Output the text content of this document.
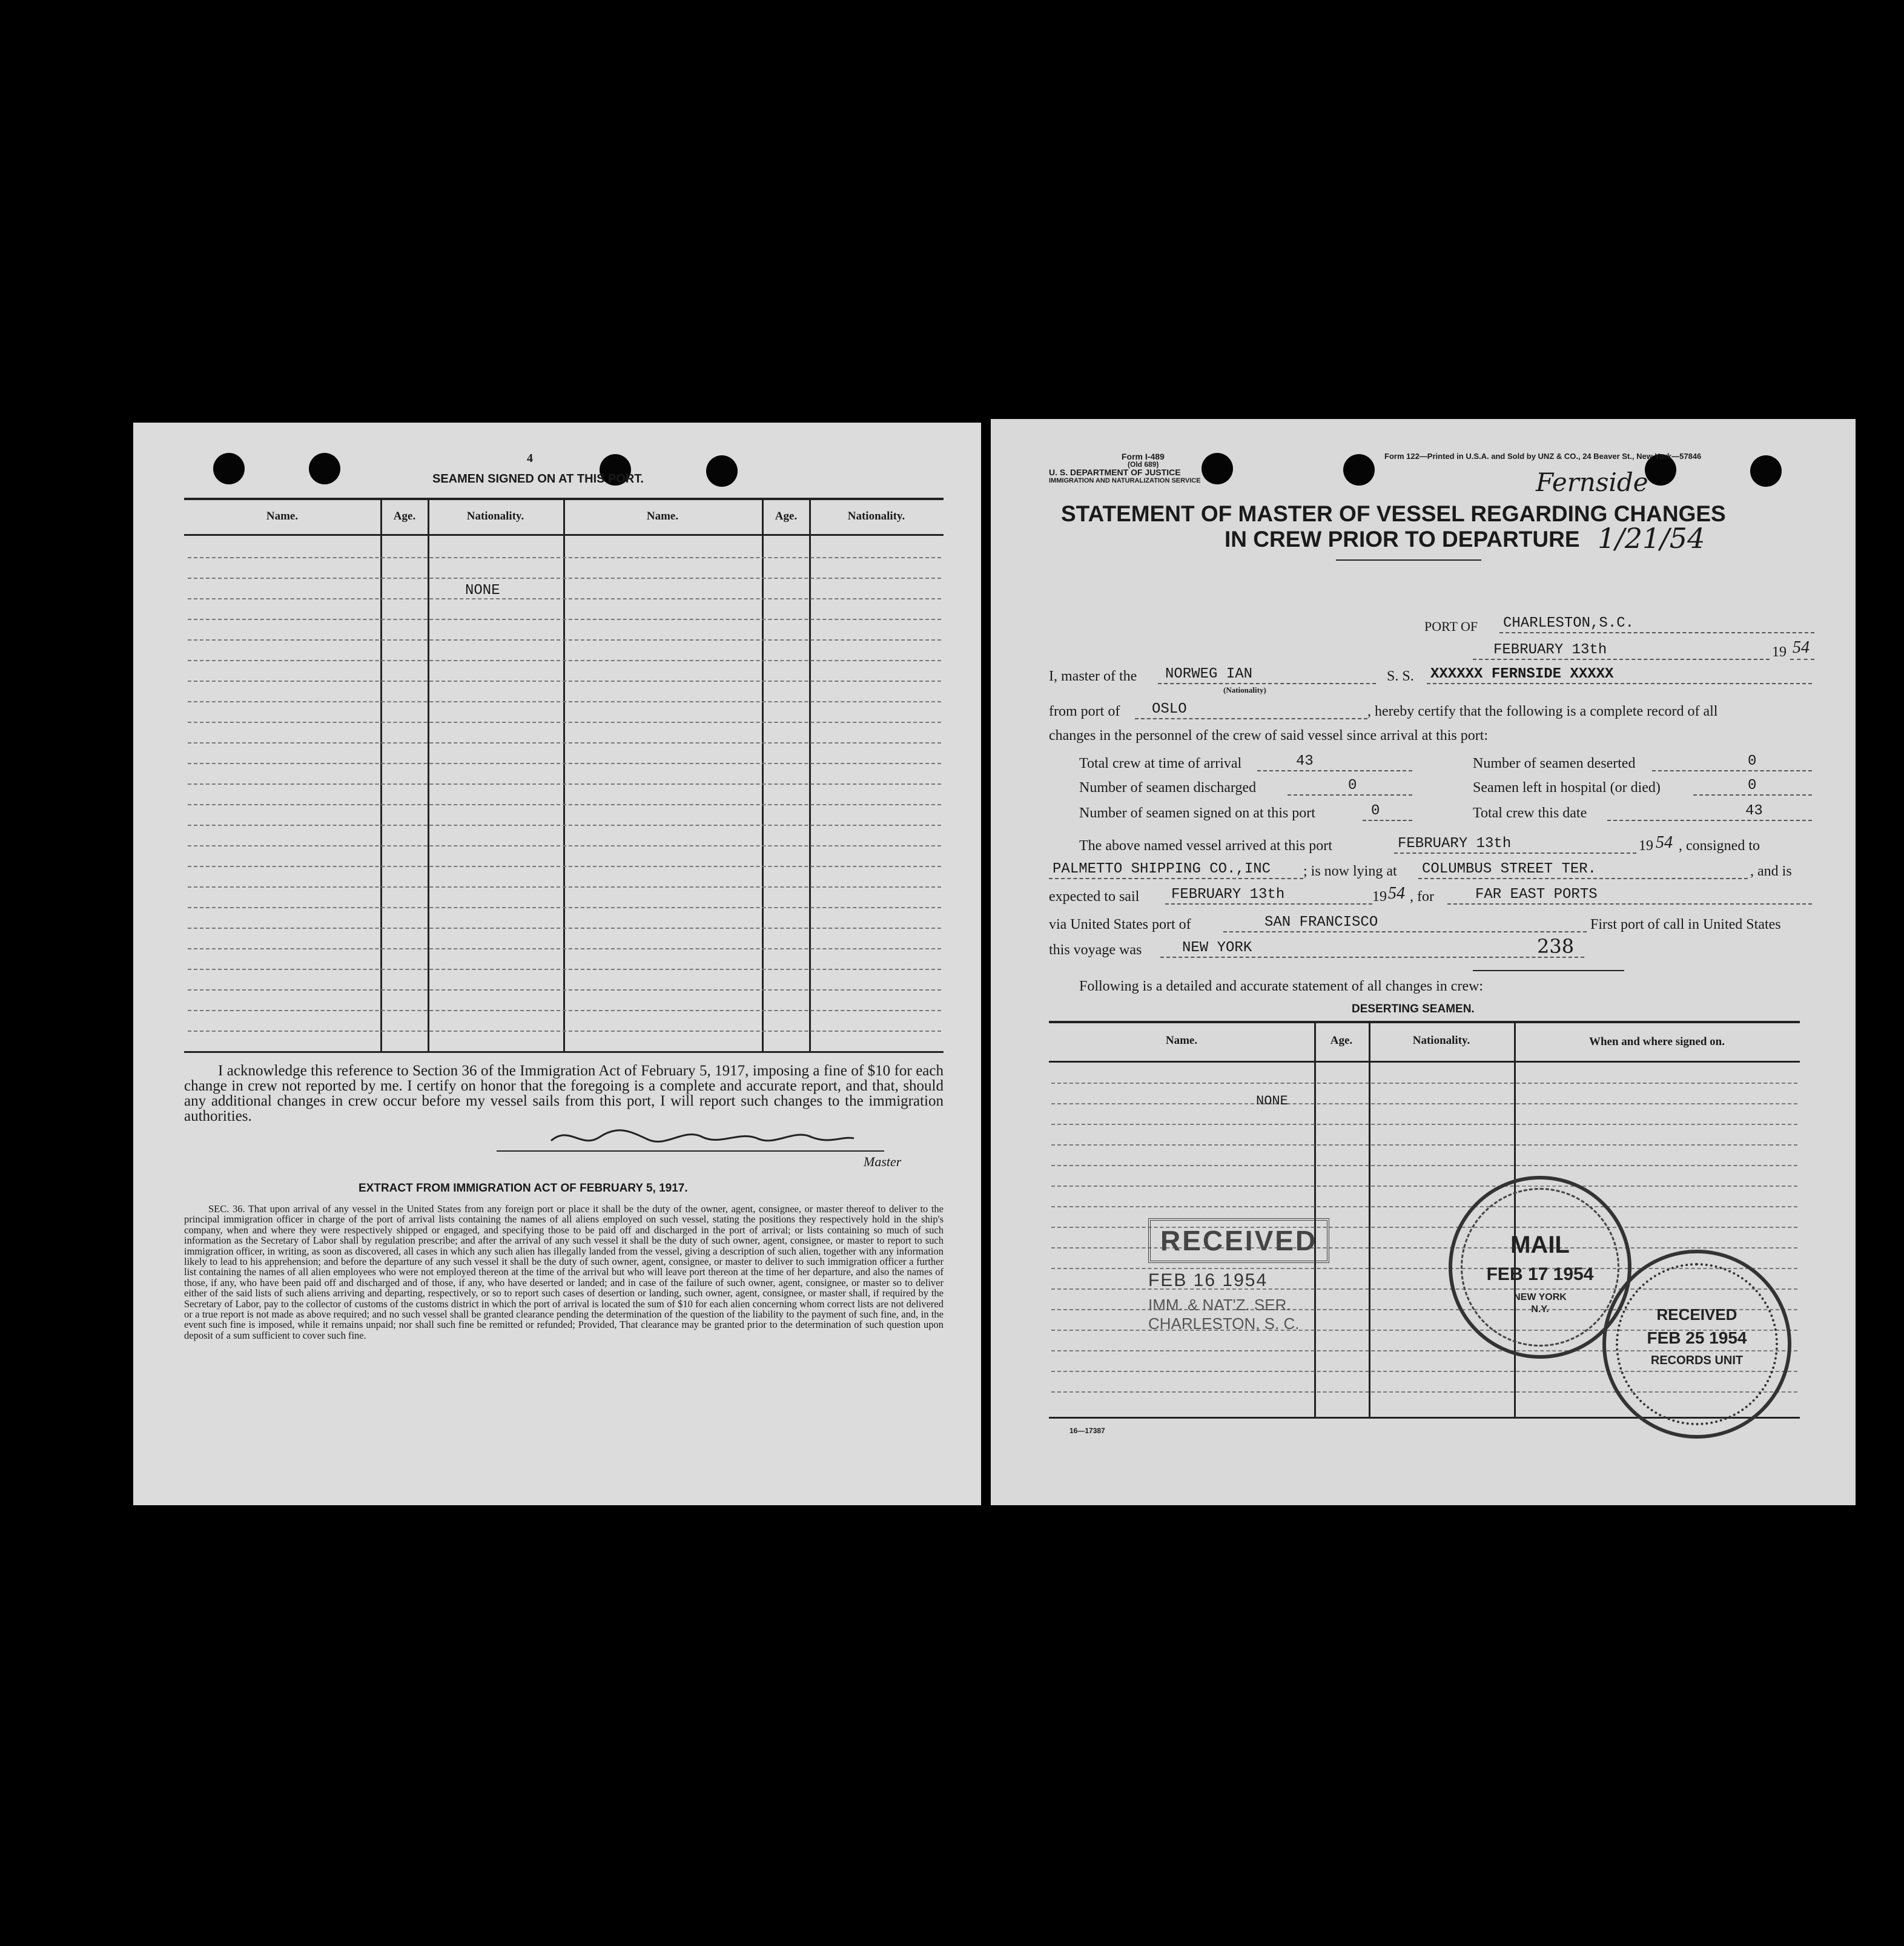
4
SEAMEN SIGNED ON AT THIS PORT.
Name.	Age.	Nationality.	Name.	Age.	Nationality.
NONE
I acknowledge this reference to Section 36 of the Immigration Act of February 5, 1917, imposing a fine of $10 for each change in crew not reported by me. I certify on honor that the foregoing is a complete and accurate report, and that, should any additional changes in crew occur before my vessel sails from this port, I will report such changes to the immigration authorities.
Master
EXTRACT FROM IMMIGRATION ACT OF FEBRUARY 5, 1917.
SEC. 36. That upon arrival of any vessel in the United States from any foreign port or place it shall be the duty of the owner, agent, consignee, or master thereof to deliver to the principal immigration officer in charge of the port of arrival lists containing the names of all aliens employed on such vessel, stating the positions they respectively hold in the ship's company, when and where they were respectively shipped or engaged, and specifying those to be paid off and discharged in the port of arrival; or lists containing so much of such information as the Secretary of Labor shall by regulation prescribe; and after the arrival of any such vessel it shall be the duty of such owner, agent, consignee, or master to report to such immigration officer, in writing, as soon as discovered, all cases in which any such alien has illegally landed from the vessel, giving a description of such alien, together with any information likely to lead to his apprehension; and before the departure of any such vessel it shall be the duty of such owner, agent, consignee, or master to deliver to such immigration officer a further list containing the names of all alien employees who were not employed thereon at the time of the arrival but who will leave port thereon at the time of her departure, and also the names of those, if any, who have been paid off and discharged and of those, if any, who have deserted or landed; and in case of the failure of such owner, agent, consignee, or master so to deliver either of the said lists of such aliens arriving and departing, respectively, or so to report such cases of desertion or landing, such owner, agent, consignee, or master shall, if required by the Secretary of Labor, pay to the collector of customs of the customs district in which the port of arrival is located the sum of $10 for each alien concerning whom correct lists are not delivered or a true report is not made as above required; and no such vessel shall be granted clearance pending the determination of the question of the liability to the payment of such fine, and, in the event such fine is imposed, while it remains unpaid; nor shall such fine be remitted or refunded; Provided, That clearance may be granted prior to the determination of such question upon deposit of a sum sufficient to cover such fine.
Form I-489
(Old 689)
U. S. DEPARTMENT OF JUSTICE
IMMIGRATION AND NATURALIZATION SERVICE
Form 122—Printed in U.S.A. and Sold by UNZ & CO., 24 Beaver St., New York—57846
Fernside
1/21/54
STATEMENT OF MASTER OF VESSEL REGARDING CHANGES
IN CREW PRIOR TO DEPARTURE
PORT OF CHARLESTON,S.C.
FEBRUARY 13th	19 54
I, master of the NORWEG IAN
(Nationality)
S. S. XXXXXX FERNSIDE XXXXX
from port of OSLO	, hereby certify that the following is a complete record of all
changes in the personnel of the crew of said vessel since arrival at this port:
Total crew at time of arrival	43	Number of seamen deserted	0
Number of seamen discharged	0	Seamen left in hospital (or died)	0
Number of seamen signed on at this port	0	Total crew this date	43
The above named vessel arrived at this port	FEBRUARY 13th	19 54 , consigned to
PALMETTO SHIPPING CO.,INC ; is now lying at COLUMBUS STREET TER.	, and is
expected to sail FEBRUARY 13th	19 54 , for	FAR EAST PORTS
via United States port of	SAN FRANCISCO	First port of call in United States
this voyage was	NEW YORK	238
Following is a detailed and accurate statement of all changes in crew:
DESERTING SEAMEN.
Name.	Age.	Nationality.	When and where signed on.
NONE
16—17387
RECEIVED
FEB 16 1954
IMM. & NAT'Z. SER.
CHARLESTON, S. C.
MAIL
FEB 17 1954
NEW YORK
N.Y.	RECEIVED
FEB 25 1954
RECORDS UNIT
